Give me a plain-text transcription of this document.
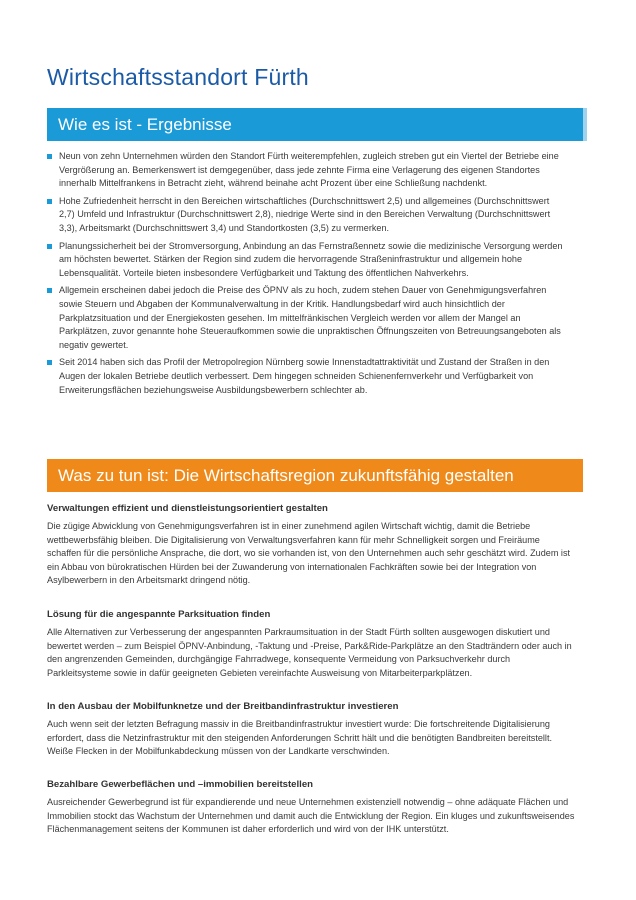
Wirtschaftsstandort Fürth
Wie es ist - Ergebnisse
Neun von zehn Unternehmen würden den Standort Fürth weiterempfehlen, zugleich streben gut ein Viertel der Betriebe eine Vergrößerung an. Bemerkenswert ist demgegenüber, dass jede zehnte Firma eine Verlagerung des eigenen Standortes innerhalb Mittelfrankens in Betracht zieht, während beinahe acht Prozent über eine Schließung nachdenkt.
Hohe Zufriedenheit herrscht in den Bereichen wirtschaftliches (Durchschnittswert 2,5) und allgemeines (Durchschnittswert 2,7) Umfeld und Infrastruktur (Durchschnittswert 2,8), niedrige Werte sind in den Bereichen Verwaltung (Durchschnittswert 3,3), Arbeitsmarkt (Durchschnittswert 3,4) und Standortkosten (3,5) zu vermerken.
Planungssicherheit bei der Stromversorgung, Anbindung an das Fernstraßennetz sowie die medizinische Versorgung werden am höchsten bewertet. Stärken der Region sind zudem die hervorragende Straßeninfrastruktur und allgemein hohe Lebensqualität. Vorteile bieten insbesondere Verfügbarkeit und Taktung des öffentlichen Nahverkehrs.
Allgemein erscheinen dabei jedoch die Preise des ÖPNV als zu hoch, zudem stehen Dauer von Genehmigungsverfahren sowie Steuern und Abgaben der Kommunalverwaltung in der Kritik. Handlungsbedarf wird auch hinsichtlich der Parkplatzsituation und der Energiekosten gesehen. Im mittelfränkischen Vergleich werden vor allem der Mangel an Parkplätzen, zuvor genannte hohe Steueraufkommen sowie die unpraktischen Öffnungszeiten von Betreuungsangeboten als negativ gewertet.
Seit 2014 haben sich das Profil der Metropolregion Nürnberg sowie Innenstadtattraktivität und Zustand der Straßen in den Augen der lokalen Betriebe deutlich verbessert. Dem hingegen schneiden Schienenfernverkehr und Verfügbarkeit von Erweiterungsflächen beziehungsweise Ausbildungsbewerbern schlechter ab.
Was zu tun ist: Die Wirtschaftsregion zukunftsfähig gestalten
Verwaltungen effizient und dienstleistungsorientiert gestalten

Die zügige Abwicklung von Genehmigungsverfahren ist in einer zunehmend agilen Wirtschaft wichtig, damit die Betriebe wettbewerbsfähig bleiben. Die Digitalisierung von Verwaltungsverfahren kann für mehr Schnelligkeit sorgen und Freiräume schaffen für die persönliche Ansprache, die dort, wo sie vorhanden ist, von den Unternehmen auch sehr geschätzt wird. Zudem ist ein Abbau von bürokratischen Hürden bei der Zuwanderung von internationalen Fachkräften sowie bei der Integration von Asylbewerbern in den Arbeitsmarkt dringend nötig.

Lösung für die angespannte Parksituation finden

Alle Alternativen zur Verbesserung der angespannten Parkraumsituation in der Stadt Fürth sollten ausgewogen diskutiert und bewertet werden – zum Beispiel ÖPNV-Anbindung, -Taktung und -Preise, Park&Ride-Parkplätze an den Stadträndern oder auch in den angrenzenden Gemeinden, durchgängige Fahrradwege, konsequente Vermeidung von Parksuchverkehr durch Parkleitsysteme sowie in dafür geeigneten Gebieten vereinfachte Ausweisung von Mitarbeiterparkplätzen.

In den Ausbau der Mobilfunknetze und der Breitbandinfrastruktur investieren

Auch wenn seit der letzten Befragung massiv in die Breitbandinfrastruktur investiert wurde: Die fortschreitende Digitalisierung erfordert, dass die Netzinfrastruktur mit den steigenden Anforderungen Schritt hält und die benötigten Bandbreiten bereitstellt. Weiße Flecken in der Mobilfunkabdeckung müssen von der Landkarte verschwinden.

Bezahlbare Gewerbeflächen und –immobilien bereitstellen

Ausreichender Gewerbegrund ist für expandierende und neue Unternehmen existenziell notwendig – ohne adäquate Flächen und Immobilien stockt das Wachstum der Unternehmen und damit auch die Entwicklung der Region. Ein kluges und zukunftsweisendes Flächenmanagement seitens der Kommunen ist daher erforderlich und wird von der IHK unterstützt.
